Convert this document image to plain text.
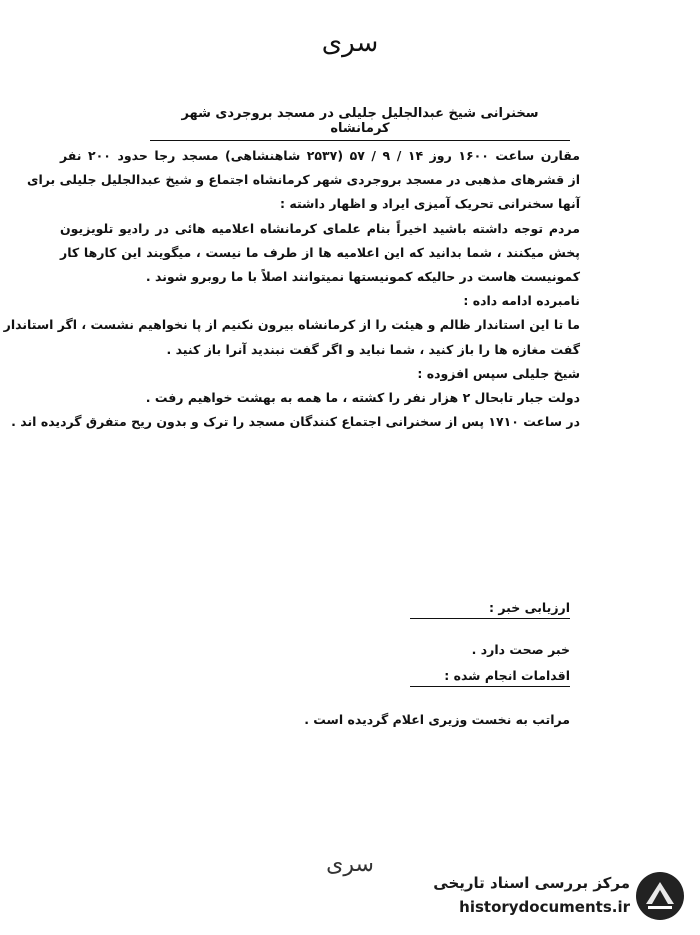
سری
سخنرانی شیخ عبدالجلیل جلیلی در مسجد بروجردی شهر کرمانشاه
مقارن ساعت ۱۶۰۰ روز ۱۴ / ۹ / ۵۷ (۲۵۳۷ شاهنشاهی) مسجد رجا حدود ۲۰۰ نفر
از قشرهای مذهبی در مسجد بروجردی شهر کرمانشاه اجتماع و شیخ عبدالجلیل جلیلی برای
آنها سخنرانی تحریک آمیزی ایراد و اظهار داشته :
مردم توجه داشته باشید اخیراً بنام علمای کرمانشاه اعلامیه هائی در رادیو تلویزیون
پخش میکنند ، شما بدانید که این اعلامیه ها از طرف ما نیست ، میگویند این کارها کار
کمونیست هاست در حالیکه کمونیستها نمیتوانند اصلاً با ما روبرو شوند .
نامبرده ادامه داده :
ما تا این استاندار ظالم و هیئت را از کرمانشاه بیرون نکنیم از پا نخواهیم نشست ، اگر استاندار
گفت مغازه ها را باز کنید ، شما نباید و اگر گفت نبندید آنرا باز کنید .
شیخ جلیلی سپس افزوده :
دولت جبار تابحال ۲ هزار نفر را کشته ، ما همه به بهشت خواهیم رفت .
در ساعت ۱۷۱۰ پس از سخنرانی اجتماع کنندگان مسجد را ترک و بدون ریح متفرق گردیده اند .
ارزیابی خبر :
خبر صحت دارد .
اقدامات انجام شده :
مراتب به نخست وزیری اعلام گردیده است .
سری
مرکز بررسی اسناد تاریخی
historydocuments.ir
